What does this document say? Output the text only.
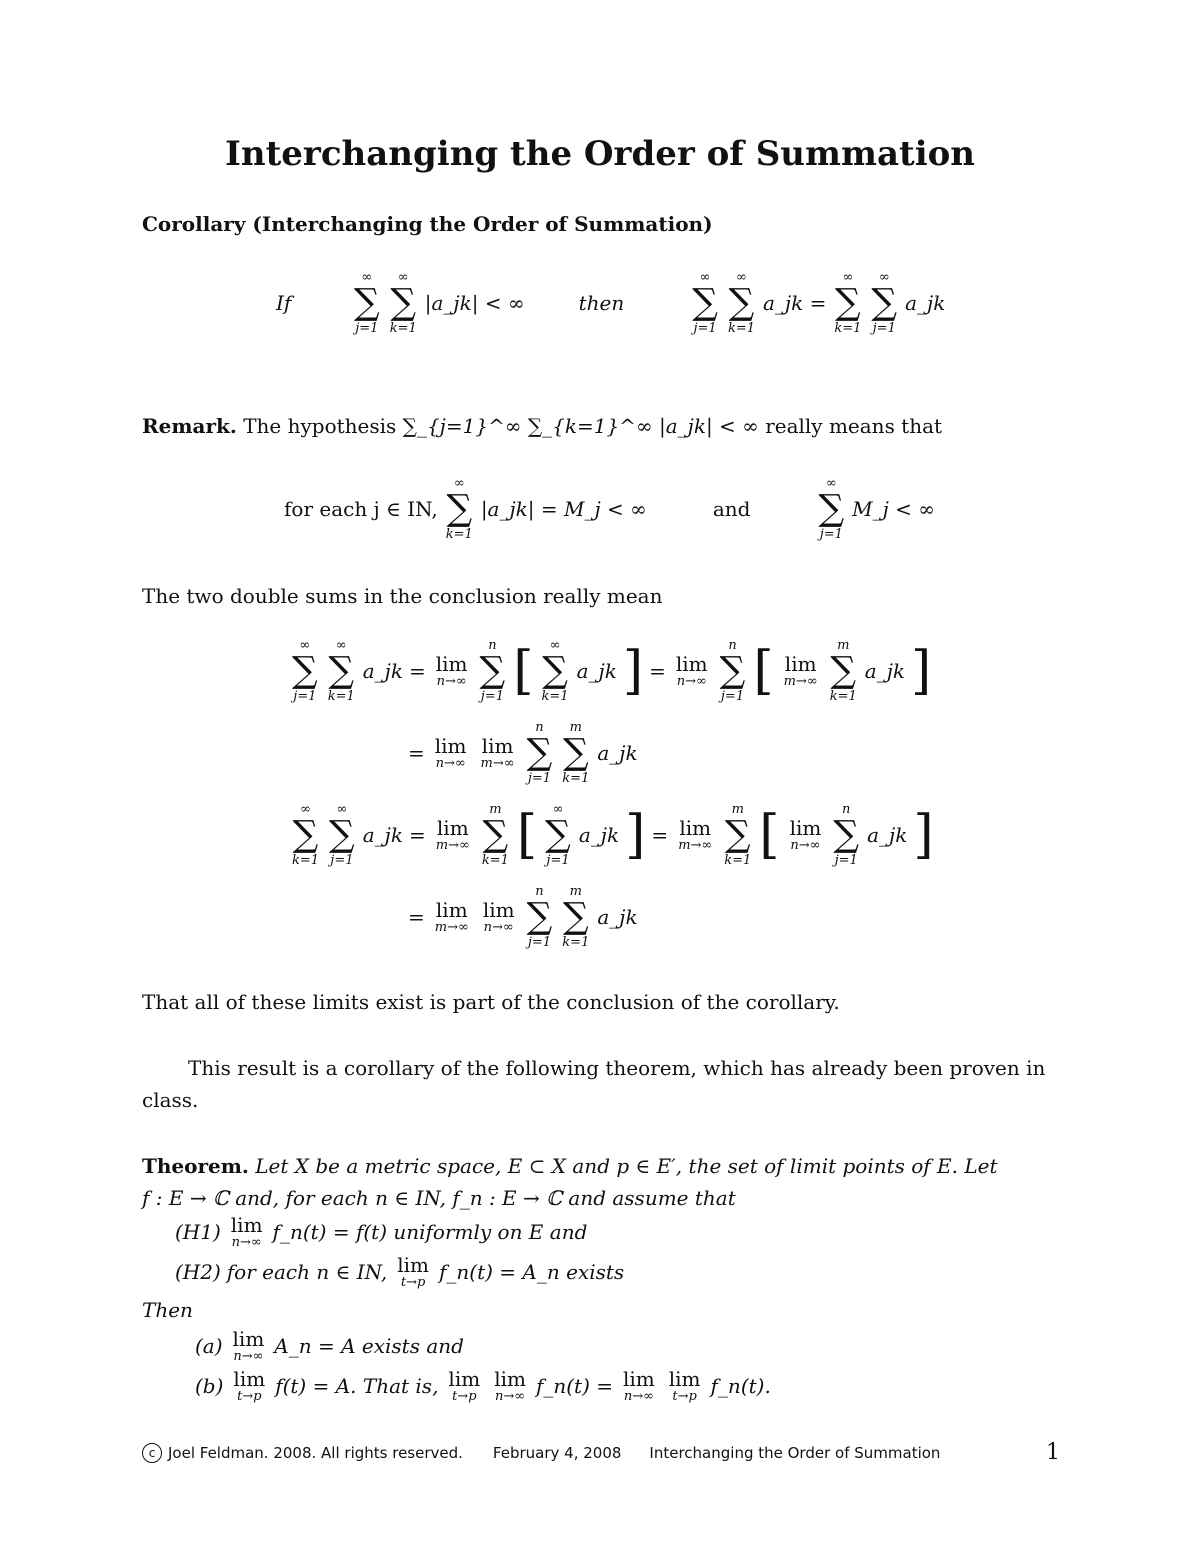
Interchanging the Order of Summation
Corollary (Interchanging the Order of Summation)
If
∞
∑
j=1
∞
∑
k=1
|a_jk| < ∞	then
∞
∑
j=1
∞
∑
k=1
a_jk =
∞
∑
k=1
∞
∑
j=1
a_jk
Remark. The hypothesis ∑_{j=1}^∞ ∑_{k=1}^∞ |a_jk| < ∞ really means that
for each j ∈ IN,
∞
∑
k=1
|a_jk| = M_j < ∞	and
∞
∑
j=1
M_j < ∞
The two double sums in the conclusion really mean
∞
∑
j=1
∞
∑
k=1
a_jk = lim
n→∞
n
∑
j=1 [ ∞
∑
k=1
a_jk ] = lim
n→∞
n
∑
j=1 [ lim
m→∞
m
∑
k=1
a_jk ]
= lim
n→∞
lim
m→∞
n
∑
j=1
m
∑
k=1
a_jk
∞
∑
k=1
∞
∑
j=1
a_jk = lim
m→∞
m
∑
k=1 [ ∞
∑
j=1
a_jk ] = lim
m→∞
m
∑
k=1 [ lim
n→∞
n
∑
j=1
a_jk ]
= lim
m→∞
lim
n→∞
n
∑
j=1
m
∑
k=1
a_jk
That all of these limits exist is part of the conclusion of the corollary.
This result is a corollary of the following theorem, which has already been proven in class.
Theorem. Let X be a metric space, E ⊂ X and p ∈ E′, the set of limit points of E. Let
f : E → ℂ and, for each n ∈ IN, f_n : E → ℂ and assume that
(H1) lim
n→∞ f_n(t) = f(t) uniformly on E and
(H2) for each n ∈ IN, lim
t→p f_n(t) = A_n exists
Then
(a) lim
n→∞ A_n = A exists and
(b) lim
t→p f(t) = A. That is, lim
t→p
lim
n→∞ f_n(t) = lim
n→∞
lim
t→p f_n(t).
c Joel Feldman. 2008. All rights reserved. February 4, 2008 Interchanging the Order of Summation	1
